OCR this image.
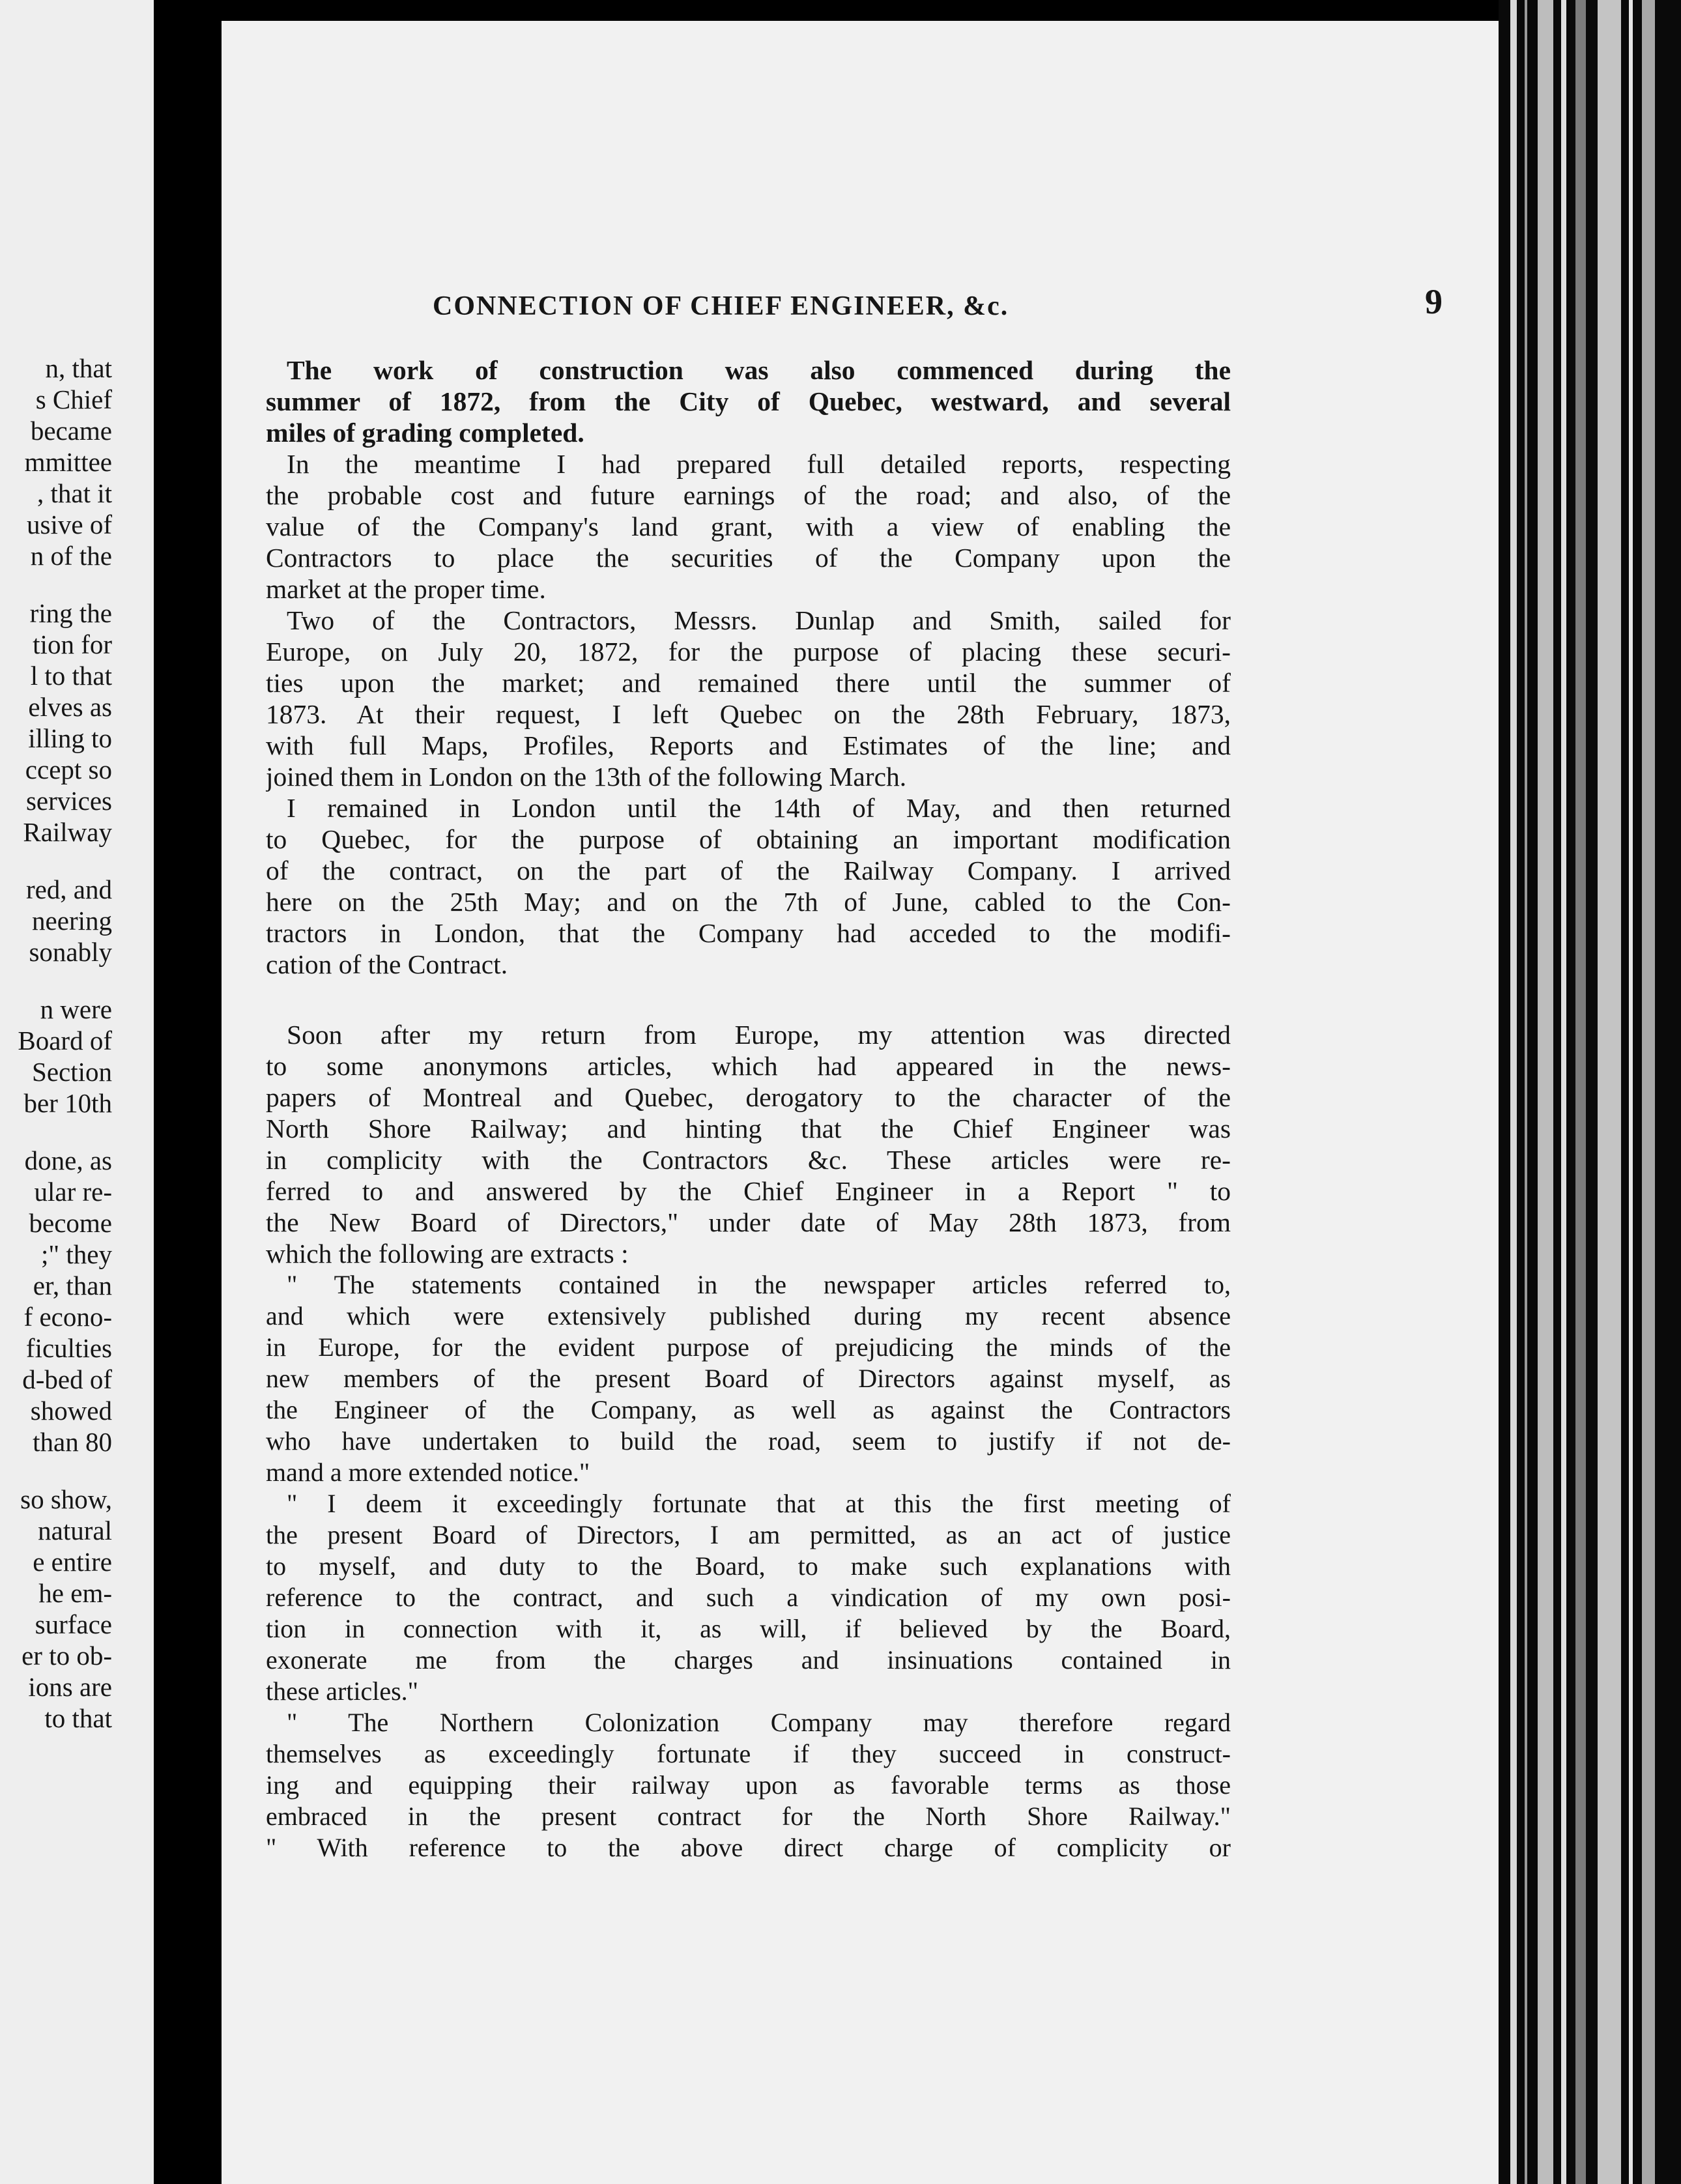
n, that
s Chief
became
mmittee
, that it
usive of
n of the
ring the
tion for
l to that
elves as
illing to
ccept so
services
Railway
red, and
neering
sonably
n were
Board of
Section
ber 10th
done, as
ular re-
become
;" they
er, than
f econo-
ficulties
d-bed of
showed
than 80
so show,
natural
e entire
he em-
surface
er to ob-
ions are
to that
CONNECTION OF CHIEF ENGINEER, &c.	9
The work of construction was also commenced during the
summer of 1872, from the City of Quebec, westward, and several
miles of grading completed.
In the meantime I had prepared full detailed reports, respecting
the probable cost and future earnings of the road; and also, of the
value of the Company's land grant, with a view of enabling the
Contractors to place the securities of the Company upon the
market at the proper time.
Two of the Contractors, Messrs. Dunlap and Smith, sailed for
Europe, on July 20, 1872, for the purpose of placing these securi-
ties upon the market; and remained there until the summer of
1873. At their request, I left Quebec on the 28th February, 1873,
with full Maps, Profiles, Reports and Estimates of the line; and
joined them in London on the 13th of the following March.
I remained in London until the 14th of May, and then returned
to Quebec, for the purpose of obtaining an important modification
of the contract, on the part of the Railway Company. I arrived
here on the 25th May; and on the 7th of June, cabled to the Con-
tractors in London, that the Company had acceded to the modifi-
cation of the Contract.
Soon after my return from Europe, my attention was directed
to some anonymons articles, which had appeared in the news-
papers of Montreal and Quebec, derogatory to the character of the
North Shore Railway; and hinting that the Chief Engineer was
in complicity with the Contractors &c. These articles were re-
ferred to and answered by the Chief Engineer in a Report " to
the New Board of Directors," under date of May 28th 1873, from
which the following are extracts :
" The statements contained in the newspaper articles referred to,
and which were extensively published during my recent absence
in Europe, for the evident purpose of prejudicing the minds of the
new members of the present Board of Directors against myself, as
the Engineer of the Company, as well as against the Contractors
who have undertaken to build the road, seem to justify if not de-
mand a more extended notice."
" I deem it exceedingly fortunate that at this the first meeting of
the present Board of Directors, I am permitted, as an act of justice
to myself, and duty to the Board, to make such explanations with
reference to the contract, and such a vindication of my own posi-
tion in connection with it, as will, if believed by the Board,
exonerate me from the charges and insinuations contained in
these articles."
" The Northern Colonization Company may therefore regard
themselves as exceedingly fortunate if they succeed in construct-
ing and equipping their railway upon as favorable terms as those
embraced in the present contract for the North Shore Railway."
" With reference to the above direct charge of complicity or
